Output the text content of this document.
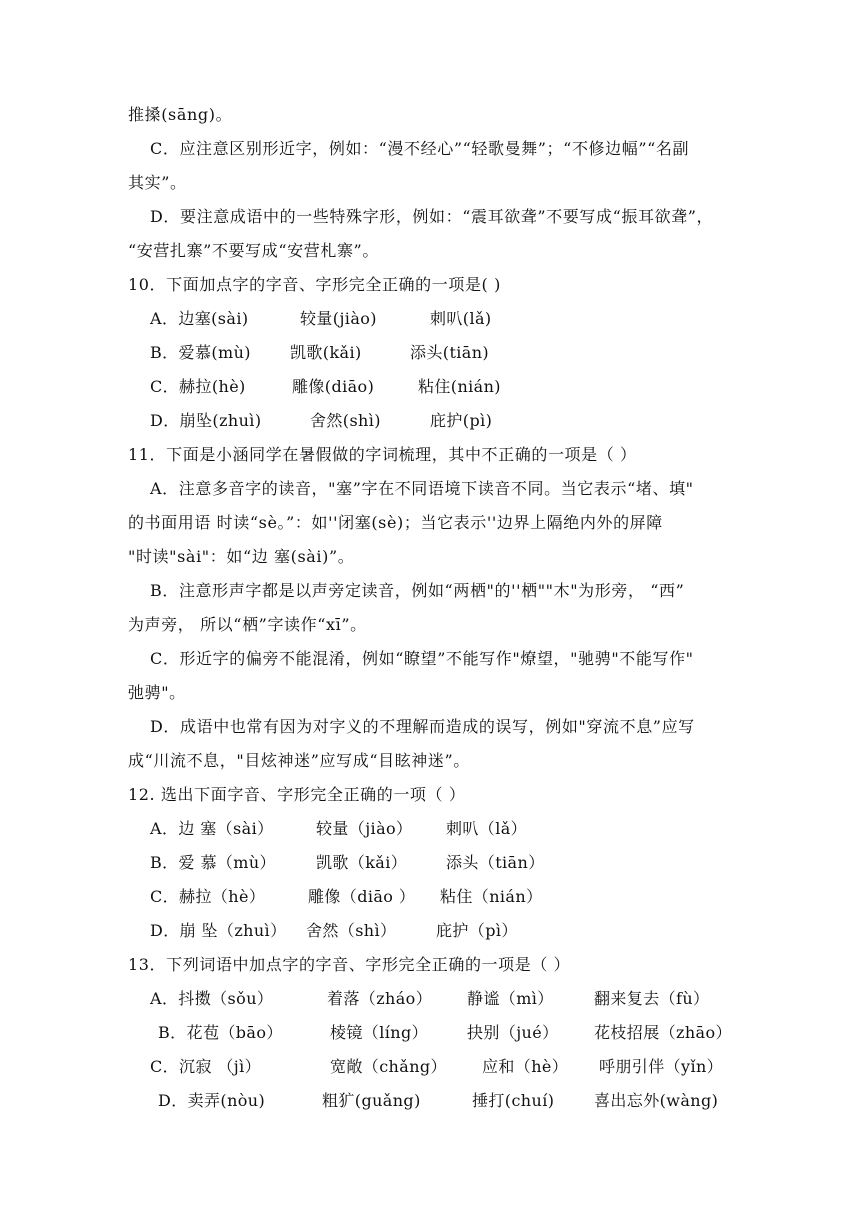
推搡(sāng)。
C．应注意区别形近字，例如：“漫不经心”“轻歌曼舞”；“不修边幅”“名副
其实”。
D．要注意成语中的一些特殊字形，例如：“震耳欲聋”不要写成“振耳欲聋”，
“安营扎寨”不要写成“安营札寨”。
10．下面加点字的字音、字形完全正确的一项是( )
A．边塞(sài)	较量(jiào)	刺叭(lǎ)
B．爱慕(mù) 凯歌(kǎi)	添头(tiān)
C．赫拉(hè)	雕像(diāo)	粘住(nián)
D．崩坠(zhuì)	舍然(shì)	庇护(pì)
11．下面是小涵同学在暑假做的字词梳理，其中不正确的一项是（ ）
A．注意多音字的读音，"塞”字在不同语境下读音不同。当它表示“堵、填"
的书面用语 时读“sè。”：如''闭塞(sè)；当它表示''边界上隔绝内外的屏障
"时读"sài"：如“边 塞(sài)”。
B．注意形声字都是以声旁定读音，例如“两栖"的''栖""木"为形旁， “西”
为声旁， 所以“栖”字读作“xī”。
C．形近字的偏旁不能混淆，例如“瞭望”不能写作"燎望，"驰骋"不能写作"
弛骋"。
D．成语中也常有因为对字义的不理解而造成的误写，例如"穿流不息”应写
成“川流不息，"目炫神迷”应写成“目眩神迷”。
12. 选出下面字音、字形完全正确的一项（ ）
A．边 塞（sài）	较量（jiào） 刺叭（lǎ）
B．爱 慕（mù）	凯歌（kǎi） 添头（tiān）
C．赫拉（hè）	雕像（diāo ） 粘住（nián）
D．崩 坠（zhuì） 舍然（shì） 庇护（pì）
13．下列词语中加点字的字音、字形完全正确的一项是（ ）
A．抖擞（sǒu）	着落（zháo） 静谧（mì）	翻来复去（fù）
B．花苞（bāo）	棱镜（líng） 抉别（jué） 花枝招展（zhāo）
C．沉寂 （jì）	宽敞（chǎng） 应和（hè） 呼朋引伴（yǐn）
D．卖弄(nòu)	粗犷(guǎng)	捶打(chuí) 喜出忘外(wàng)
